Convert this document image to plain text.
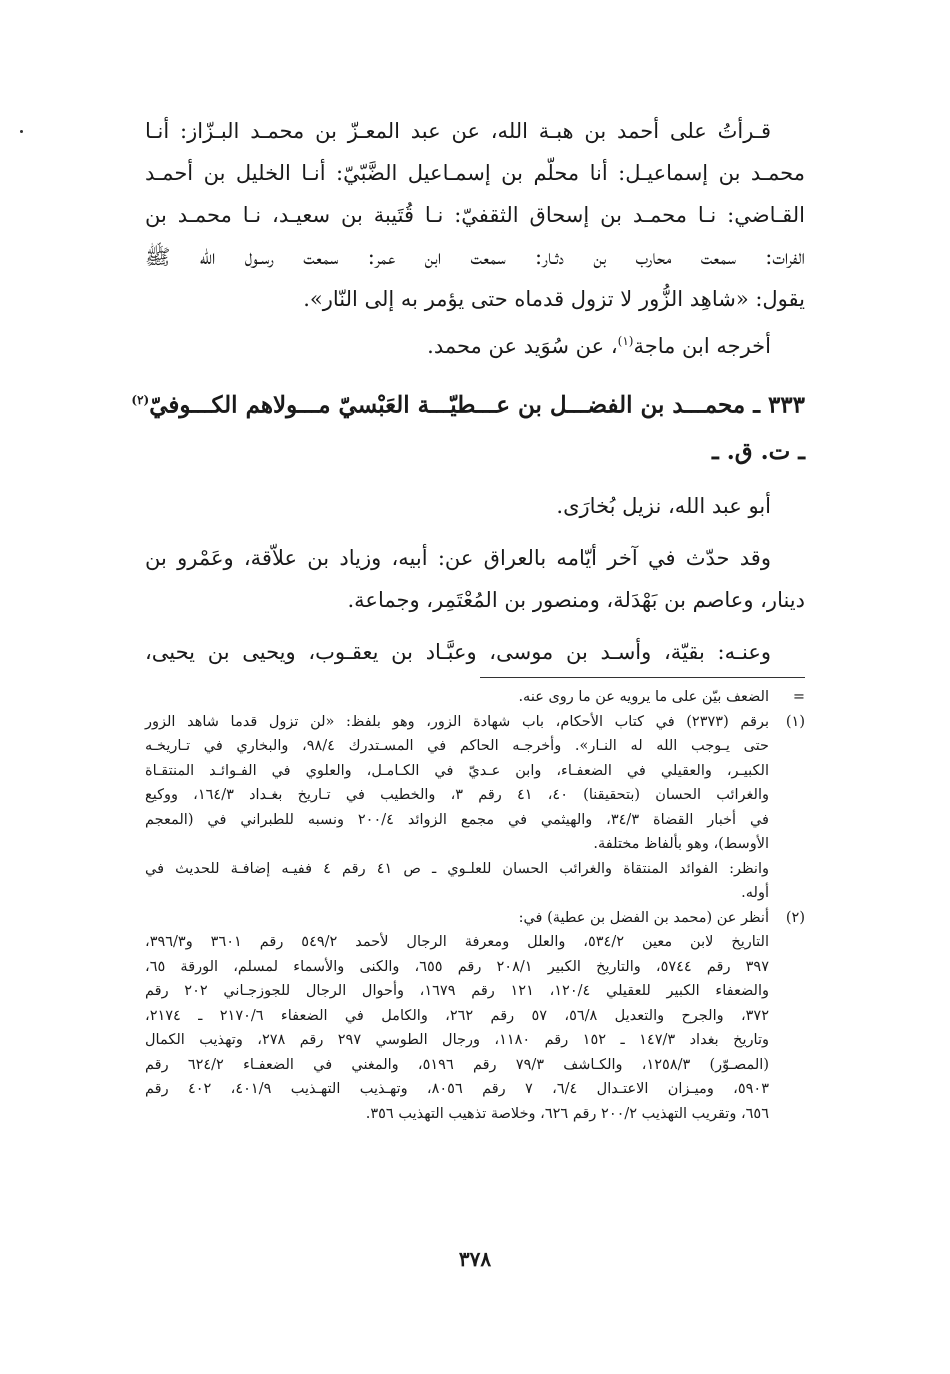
قـرأتُ على أحمد بن هبـة الله، عن عبد المعـزّ بن محمـد البـزّاز: أنـا
محمـد بن إسماعيـل: أنا محلّم بن إسمـاعيل الضَّبّيّ: أنـا الخليل بن أحمـد
القـاضي: نـا محمـد بن إسحاق الثقفيّ: نـا قُتَيبة بن سعيـد، نـا محمـد بن
الفرات: سمعت محارب بن دثـار: سمعت ابن عمر: سمعت رسـول الله ﷺ
يقول: «شاهِد الزُّور لا تزول قدماه حتى يؤمر به إلى النّار».
أخرجه ابن ماجة$^{(١)}$، عن سُوَيد عن محمد.
٣٣٣ ـ محمـــد بن الفضـــل بن عـــطيّـــة العَبْسيّ مـــولاهم الكـــوفيّ$^{(٢)}$
ـ ت. ق. ـ
أبو عبد الله، نزيل بُخارَى.
وقد حدّث في آخر أيّامه بالعراق عن: أبيه، وزياد بن علاّقة، وعَمْرو بن
دينار، وعاصم بن بَهْدَلة، ومنصور بن المُعْتَمِر، وجماعة.
وعنـه: بقيّة، وأسـد بن موسى، وعبَّـاد بن يعقـوب، ويحيى بن يحيى،
=الضعف بيّن على ما يرويه عن ما روى عنه.
(١)برقم (٢٣٧٣) في كتاب الأحكام، باب شهادة الزور، وهو بلفظ: «لن تزول قدما شاهد الزور
حتى يـوجب الله له النـار». وأخرجـه الحاكم في المسـتدرك ٩٨/٤، والبخاري في تـاريخـه
الكبيـر، والعقيلي في الضعفـاء، وابن عـديّ في الكـامـل، والعلوي في الفـوائـد المنتقـاة
والغرائب الحسان (بتحقيقنا) ٤٠، ٤١ رقم ٣، والخطيب في تـاريخ بغـداد ١٦٤/٣، ووكيع
في أخبار القضاة ٣٤/٣، والهيثمي في مجمع الزوائد ٢٠٠/٤ ونسبه للطبراني في (المعجم
الأوسط)، وهو بألفاظ مختلفة.
وانظر: الفوائد المنتقاة والغرائب الحسان للعلـوي ـ ص ٤١ رقم ٤ ففيـه إضافـة للحديث في
أوله.
(٢)أنظر عن (محمد بن الفضل بن عطية) في:
التاريخ لابن معين ٥٣٤/٢، والعلل ومعرفة الرجال لأحمد ٥٤٩/٢ رقم ٣٦٠١ و٣٩٦/٣،
٣٩٧ رقم ٥٧٤٤، والتاريخ الكبير ٢٠٨/١ رقم ٦٥٥، والكنى والأسماء لمسلم، الورقة ٦٥،
والضعفاء الكبير للعقيلي ١٢٠/٤، ١٢١ رقم ١٦٧٩، وأحوال الرجال للجوزجـاني ٢٠٢ رقم
٣٧٢، والجرح والتعديل ٥٦/٨، ٥٧ رقم ٢٦٢، والكامل في الضعفاء ٢١٧٠/٦ ـ ٢١٧٤،
وتاريخ بغداد ١٤٧/٣ ـ ١٥٢ رقم ١١٨٠، ورجال الطوسي ٢٩٧ رقم ٢٧٨، وتهذيب الكمال
(المصـوّر) ١٢٥٨/٣، والكـاشف ٧٩/٣ رقم ٥١٩٦، والمغني في الضعفـاء ٦٢٤/٢ رقم
٥٩٠٣، وميـزان الاعتـدال ٦/٤، ٧ رقم ٨٠٥٦، وتهـذيب التهـذيب ٤٠١/٩، ٤٠٢ رقم
٦٥٦، وتقريب التهذيب ٢٠٠/٢ رقم ٦٢٦، وخلاصة تذهيب التهذيب ٣٥٦.
٣٧٨
